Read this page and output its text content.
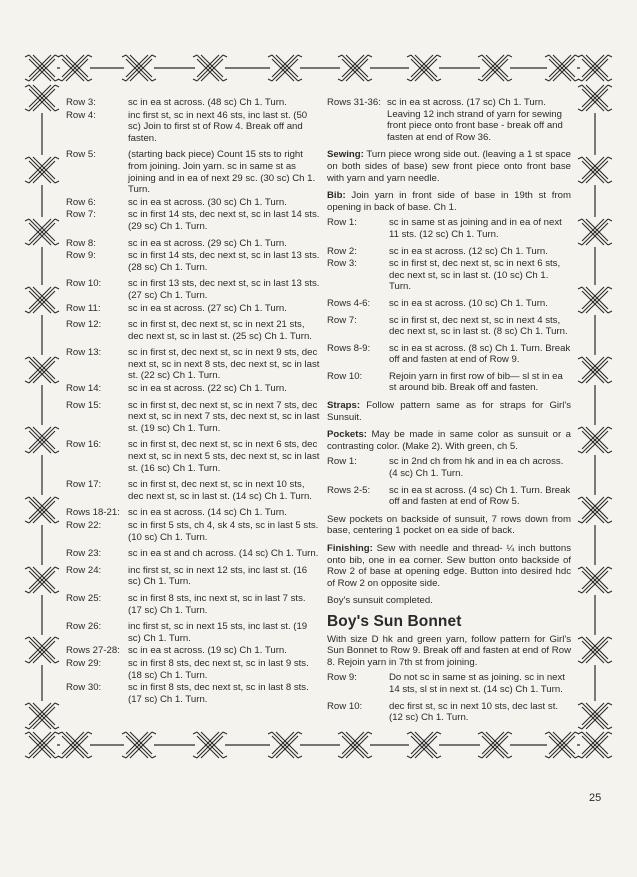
Row 3:	sc in ea st across. (48 sc) Ch 1. Turn.
Row 4:	inc first st, sc in next 46 sts, inc last st. (50 sc) Join to first st of Row 4. Break off and fasten.
Row 5:	(starting back piece) Count 15 sts to right from joining. Join yarn. sc in same st as joining and in ea of next 29 sc. (30 sc) Ch 1. Turn.
Row 6:	sc in ea st across. (30 sc) Ch 1. Turn.
Row 7:	sc in first 14 sts, dec next st, sc in last 14 sts. (29 sc) Ch 1. Turn.
Row 8:	sc in ea st across. (29 sc) Ch 1. Turn.
Row 9:	sc in first 14 sts, dec next st, sc in last 13 sts. (28 sc) Ch 1. Turn.
Row 10:	sc in first 13 sts, dec next st, sc in last 13 sts. (27 sc) Ch 1. Turn.
Row 11:	sc in ea st across. (27 sc) Ch 1. Turn.
Row 12:	sc in first st, dec next st, sc in next 21 sts, dec next st, sc in last st. (25 sc) Ch 1. Turn.
Row 13:	sc in first st, dec next st, sc in next 9 sts, dec next st, sc in next 8 sts, dec next st, sc in last st. (22 sc) Ch 1. Turn.
Row 14:	sc in ea st across. (22 sc) Ch 1. Turn.
Row 15:	sc in first st, dec next st, sc in next 7 sts, dec next st, sc in next 7 sts, dec next st, sc in last st. (19 sc) Ch 1. Turn.
Row 16:	sc in first st, dec next st, sc in next 6 sts, dec next st, sc in next 5 sts, dec next st, sc in last st. (16 sc) Ch 1. Turn.
Row 17:	sc in first st, dec next st, sc in next 10 sts, dec next st, sc in last st. (14 sc) Ch 1. Turn.
Rows 18-21: sc in ea st across. (14 sc) Ch 1. Turn.
Row 22:	sc in first 5 sts, ch 4, sk 4 sts, sc in last 5 sts. (10 sc) Ch 1. Turn.
Row 23:	sc in ea st and ch across. (14 sc) Ch 1. Turn.
Row 24:	inc first st, sc in next 12 sts, inc last st. (16 sc) Ch 1. Turn.
Row 25:	sc in first 8 sts, inc next st, sc in last 7 sts. (17 sc) Ch 1. Turn.
Row 26:	inc first st, sc in next 15 sts, inc last st. (19 sc) Ch 1. Turn.
Rows 27-28: sc in ea st across. (19 sc) Ch 1. Turn.
Row 29:	sc in first 8 sts, dec next st, sc in last 9 sts. (18 sc) Ch 1. Turn.
Row 30:	sc in first 8 sts, dec next st, sc in last 8 sts. (17 sc) Ch 1. Turn.
Rows 31-36: sc in ea st across. (17 sc) Ch 1. Turn. Leaving 12 inch strand of yarn for sewing front piece onto front base - break off and fasten at end of Row 36.
Sewing: Turn piece wrong side out. (leaving a 1 st space on both sides of base) sew front piece onto front base with yarn and yarn needle.
Bib: Join yarn in front side of base in 19th st from opening in back of base. Ch 1.
Row 1:	sc in same st as joining and in ea of next 11 sts. (12 sc) Ch 1. Turn.
Row 2:	sc in ea st across. (12 sc) Ch 1. Turn.
Row 3:	sc in first st, dec next st, sc in next 6 sts, dec next st, sc in last st. (10 sc) Ch 1. Turn.
Rows 4-6:	sc in ea st across. (10 sc) Ch 1. Turn.
Row 7:	sc in first st, dec next st, sc in next 4 sts, dec next st, sc in last st. (8 sc) Ch 1. Turn.
Rows 8-9:	sc in ea st across. (8 sc) Ch 1. Turn. Break off and fasten at end of Row 9.
Row 10:	Rejoin yarn in first row of bib— sl st in ea st around bib. Break off and fasten.
Straps: Follow pattern same as for straps for Girl's Sunsuit.
Pockets: May be made in same color as sunsuit or a contrasting color. (Make 2). With green, ch 5.
Row 1:	sc in 2nd ch from hk and in ea ch across. (4 sc) Ch 1. Turn.
Rows 2-5:	sc in ea st across. (4 sc) Ch 1. Turn. Break off and fasten at end of Row 5.
Sew pockets on backside of sunsuit, 7 rows down from base, centering 1 pocket on ea side of back.
Finishing: Sew with needle and thread- ¼ inch buttons onto bib, one in ea corner. Sew button onto backside of Row 2 of base at opening edge. Button into desired hdc of Row 2 on opposite side.
Boy's sunsuit completed.
Boy's Sun Bonnet
With size D hk and green yarn, follow pattern for Girl's Sun Bonnet to Row 9. Break off and fasten at end of Row 8. Rejoin yarn in 7th st from joining.
Row 9:	Do not sc in same st as joining. sc in next 14 sts, sl st in next st. (14 sc) Ch 1. Turn.
Row 10:	dec first st, sc in next 10 sts, dec last st. (12 sc) Ch 1. Turn.
25
